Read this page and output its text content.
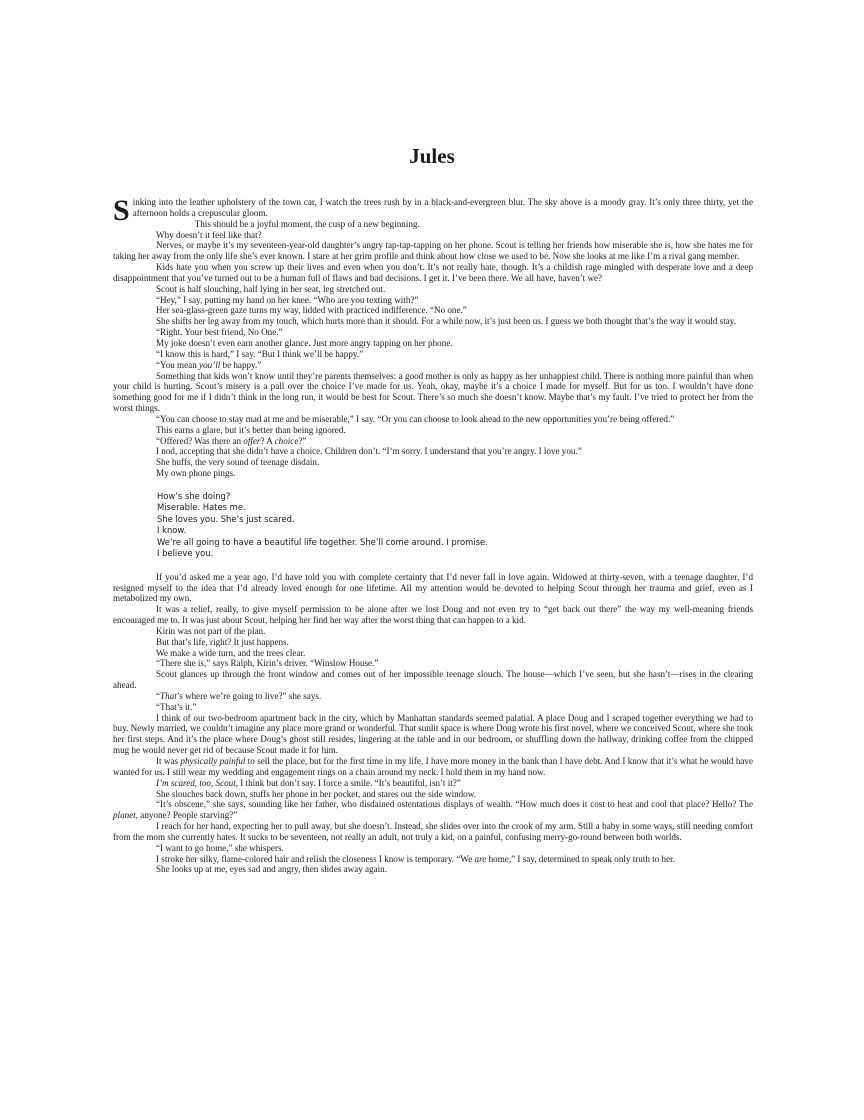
Jules

Sinking into the leather upholstery of the town car, I watch the trees rush by in a black-and-evergreen blur. The sky above is a moody gray. It’s only three thirty, yet the afternoon holds a crepuscular gloom.

This should be a joyful moment, the cusp of a new beginning.

Why doesn’t it feel like that?

Nerves, or maybe it’s my seventeen-year-old daughter’s angry tap-tap-tapping on her phone. Scout is telling her friends how miserable she is, how she hates me for taking her away from the only life she’s ever known. I stare at her grim profile and think about how close we used to be. Now she looks at me like I’m a rival gang member.

Kids hate you when you screw up their lives and even when you don’t. It’s not really hate, though. It’s a childish rage mingled with desperate love and a deep disappointment that you’ve turned out to be a human full of flaws and bad decisions. I get it. I’ve been there. We all have, haven’t we?

Scout is half slouching, half lying in her seat, leg stretched out.

“Hey,” I say, putting my hand on her knee. “Who are you texting with?”

Her sea-glass-green gaze turns my way, lidded with practiced indifference. “No one.”

She shifts her leg away from my touch, which hurts more than it should. For a while now, it’s just been us. I guess we both thought that’s the way it would stay.

“Right. Your best friend, No One.”

My joke doesn’t even earn another glance. Just more angry tapping on her phone.

“I know this is hard,” I say. “But I think we’ll be happy.”

“You mean you’ll be happy.”

Something that kids won’t know until they’re parents themselves: a good mother is only as happy as her unhappiest child. There is nothing more painful than when your child is hurting. Scout’s misery is a pall over the choice I’ve made for us. Yeah, okay, maybe it’s a choice I made for myself. But for us too. I wouldn’t have done something good for me if I didn’t think in the long run, it would be best for Scout. There’s so much she doesn’t know. Maybe that’s my fault. I’ve tried to protect her from the worst things.

“You can choose to stay mad at me and be miserable,” I say. “Or you can choose to look ahead to the new opportunities you’re being offered.”

This earns a glare, but it’s better than being ignored.

“Offered? Was there an offer? A choice?”

I nod, accepting that she didn’t have a choice. Children don’t. “I’m sorry. I understand that you’re angry. I love you.”

She huffs, the very sound of teenage disdain.

My own phone pings.

How’s she doing?
Miserable. Hates me.
She loves you. She’s just scared.
I know.
We’re all going to have a beautiful life together. She’ll come around. I promise.
I believe you.

If you’d asked me a year ago, I’d have told you with complete certainty that I’d never fall in love again. Widowed at thirty-seven, with a teenage daughter, I’d resigned myself to the idea that I’d already loved enough for one lifetime. All my attention would be devoted to helping Scout through her trauma and grief, even as I metabolized my own.

It was a relief, really, to give myself permission to be alone after we lost Doug and not even try to “get back out there” the way my well-meaning friends encouraged me to. It was just about Scout, helping her find her way after the worst thing that can happen to a kid.

Kirin was not part of the plan.

But that’s life, right? It just happens.

We make a wide turn, and the trees clear.

“There she is,” says Ralph, Kirin’s driver. “Winslow House.”

Scout glances up through the front window and comes out of her impossible teenage slouch. The house—which I’ve seen, but she hasn’t—rises in the clearing ahead.

“That’s where we’re going to live?” she says.

“That’s it.”

I think of our two-bedroom apartment back in the city, which by Manhattan standards seemed palatial. A place Doug and I scraped together everything we had to buy. Newly married, we couldn’t imagine any place more grand or wonderful. That sunlit space is where Doug wrote his first novel, where we conceived Scout, where she took her first steps. And it’s the place where Doug’s ghost still resides, lingering at the table and in our bedroom, or shuffling down the hallway, drinking coffee from the chipped mug he would never get rid of because Scout made it for him.

It was physically painful to sell the place, but for the first time in my life, I have more money in the bank than I have debt. And I know that it’s what he would have wanted for us. I still wear my wedding and engagement rings on a chain around my neck. I hold them in my hand now.

I’m scared, too, Scout, I think but don’t say. I force a smile. “It’s beautiful, isn’t it?”

She slouches back down, stuffs her phone in her pocket, and stares out the side window.

“It’s obscene,” she says, sounding like her father, who disdained ostentatious displays of wealth. “How much does it cost to heat and cool that place? Hello? The planet, anyone? People starving?”

I reach for her hand, expecting her to pull away, but she doesn’t. Instead, she slides over into the crook of my arm. Still a baby in some ways, still needing comfort from the mom she currently hates. It sucks to be seventeen, not really an adult, not truly a kid, on a painful, confusing merry-go-round between both worlds.

“I want to go home,” she whispers.

I stroke her silky, flame-colored hair and relish the closeness I know is temporary. “We are home,” I say, determined to speak only truth to her.

She looks up at me, eyes sad and angry, then slides away again.
